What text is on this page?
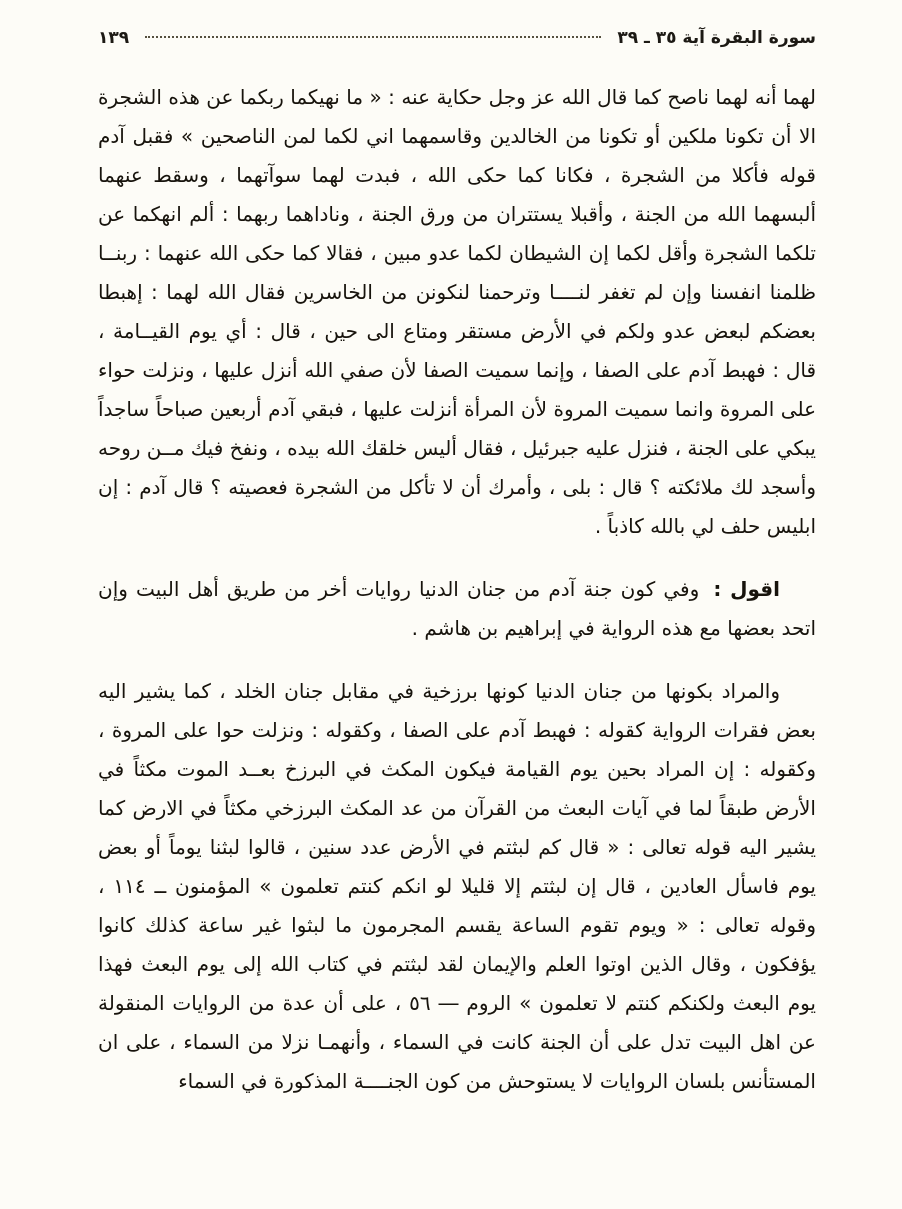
١٣٩	سورة البقرة آية ٣٥ ـ ٣٩

لهما أنه لهما ناصح كما قال الله عز وجل حكاية عنه : « ما نهيكما ربكما عن هذه الشجرة الا أن تكونا ملكين أو تكونا من الخالدين وقاسمهما اني لكما لمن الناصحين » فقبل آدم قوله فأكلا من الشجرة ، فكانا كما حكى الله ، فبدت لهما سوآتهما ، وسقط عنهما ألبسهما الله من الجنة ، وأقبلا يستتران من ورق الجنة ، وناداهما ربهما : ألم انهكما عن تلكما الشجرة وأقل لكما إن الشيطان لكما عدو مبين ، فقالا كما حكى الله عنهما : ربنــا ظلمنا انفسنا وإن لم تغفر لنــــا وترحمنا لنكونن من الخاسرين فقال الله لهما : إهبطا بعضكم لبعض عدو ولكم في الأرض مستقر ومتاع الى حين ، قال : أي يوم القيــامة ، قال : فهبط آدم على الصفا ، وإنما سميت الصفا لأن صفي الله أنزل عليها ، ونزلت حواء على المروة وانما سميت المروة لأن المرأة أنزلت عليها ، فبقي آدم أربعين صباحاً ساجداً يبكي على الجنة ، فنزل عليه جبرئيل ، فقال أليس خلقك الله بيده ، ونفخ فيك مــن روحه وأسجد لك ملائكته ؟ قال : بلى ، وأمرك أن لا تأكل من الشجرة فعصيته ؟ قال آدم : إن ابليس حلف لي بالله كاذباً .

اقول : وفي كون جنة آدم من جنان الدنيا روايات أخر من طريق أهل البيت وإن اتحد بعضها مع هذه الرواية في إبراهيم بن هاشم .

والمراد بكونها من جنان الدنيا كونها برزخية في مقابل جنان الخلد ، كما يشير اليه بعض فقرات الرواية كقوله : فهبط آدم على الصفا ، وكقوله : ونزلت حوا على المروة ، وكقوله : إن المراد بحين يوم القيامة فيكون المكث في البرزخ بعــد الموت مكثاً في الأرض طبقاً لما في آيات البعث من القرآن من عد المكث البرزخي مكثاً في الارض كما يشير اليه قوله تعالى : « قال كم لبثتم في الأرض عدد سنين ، قالوا لبثنا يوماً أو بعض يوم فاسأل العادين ، قال إن لبثتم إلا قليلا لو انكم كنتم تعلمون » المؤمنون ــ ١١٤ ، وقوله تعالى : « ويوم تقوم الساعة يقسم المجرمون ما لبثوا غير ساعة كذلك كانوا يؤفكون ، وقال الذين اوتوا العلم والإيمان لقد لبثتم في كتاب الله إلى يوم البعث فهذا يوم البعث ولكنكم كنتم لا تعلمون » الروم ― ٥٦ ، على أن عدة من الروايات المنقولة عن اهل البيت تدل على أن الجنة كانت في السماء ، وأنهمـا نزلا من السماء ، على ان المستأنس بلسان الروايات لا يستوحش من كون الجنــــة المذكورة في السماء
